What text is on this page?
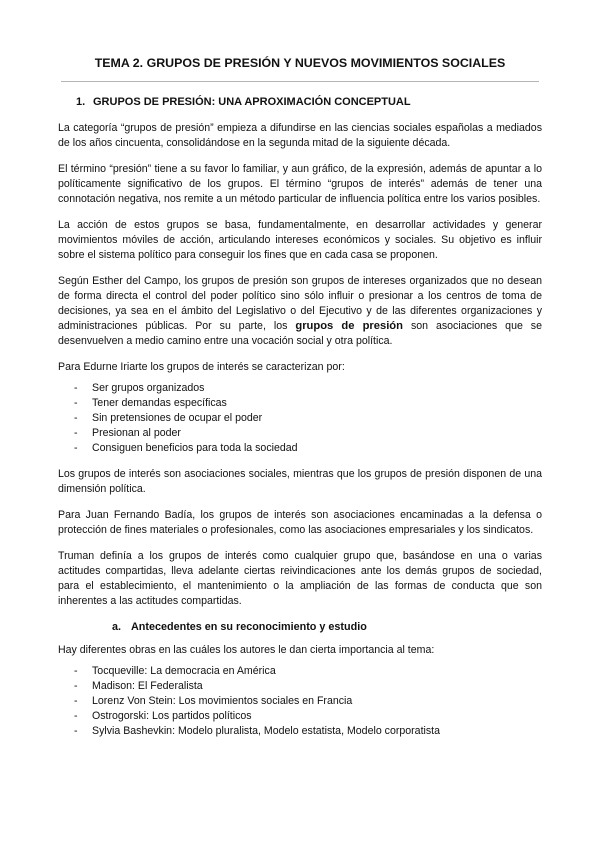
TEMA 2. GRUPOS DE PRESIÓN Y NUEVOS MOVIMIENTOS SOCIALES
1. GRUPOS DE PRESIÓN: UNA APROXIMACIÓN CONCEPTUAL

La categoría “grupos de presión” empieza a difundirse en las ciencias sociales españolas a mediados de los años cincuenta, consolidándose en la segunda mitad de la siguiente década.

El término “presión” tiene a su favor lo familiar, y aun gráfico, de la expresión, además de apuntar a lo políticamente significativo de los grupos. El término “grupos de interés” además de tener una connotación negativa, nos remite a un método particular de influencia política entre los varios posibles.

La acción de estos grupos se basa, fundamentalmente, en desarrollar actividades y generar movimientos móviles de acción, articulando intereses económicos y sociales. Su objetivo es influir sobre el sistema político para conseguir los fines que en cada casa se proponen.

Según Esther del Campo, los grupos de presión son grupos de intereses organizados que no desean de forma directa el control del poder político sino sólo influir o presionar a los centros de toma de decisiones, ya sea en el ámbito del Legislativo o del Ejecutivo y de las diferentes organizaciones y administraciones públicas. Por su parte, los grupos de presión son asociaciones que se desenvuelven a medio camino entre una vocación social y otra política.

Para Edurne Iriarte los grupos de interés se caracterizan por:

- Ser grupos organizados
- Tener demandas específicas
- Sin pretensiones de ocupar el poder
- Presionan al poder
- Consiguen beneficios para toda la sociedad

Los grupos de interés son asociaciones sociales, mientras que los grupos de presión disponen de una dimensión política.

Para Juan Fernando Badía, los grupos de interés son asociaciones encaminadas a la defensa o protección de fines materiales o profesionales, como las asociaciones empresariales y los sindicatos.

Truman definía a los grupos de interés como cualquier grupo que, basándose en una o varias actitudes compartidas, lleva adelante ciertas reivindicaciones ante los demás grupos de sociedad, para el establecimiento, el mantenimiento o la ampliación de las formas de conducta que son inherentes a las actitudes compartidas.

a. Antecedentes en su reconocimiento y estudio

Hay diferentes obras en las cuáles los autores le dan cierta importancia al tema:

- Tocqueville: La democracia en América
- Madison: El Federalista
- Lorenz Von Stein: Los movimientos sociales en Francia
- Ostrogorski: Los partidos políticos
- Sylvia Bashevkin: Modelo pluralista, Modelo estatista, Modelo corporatista
